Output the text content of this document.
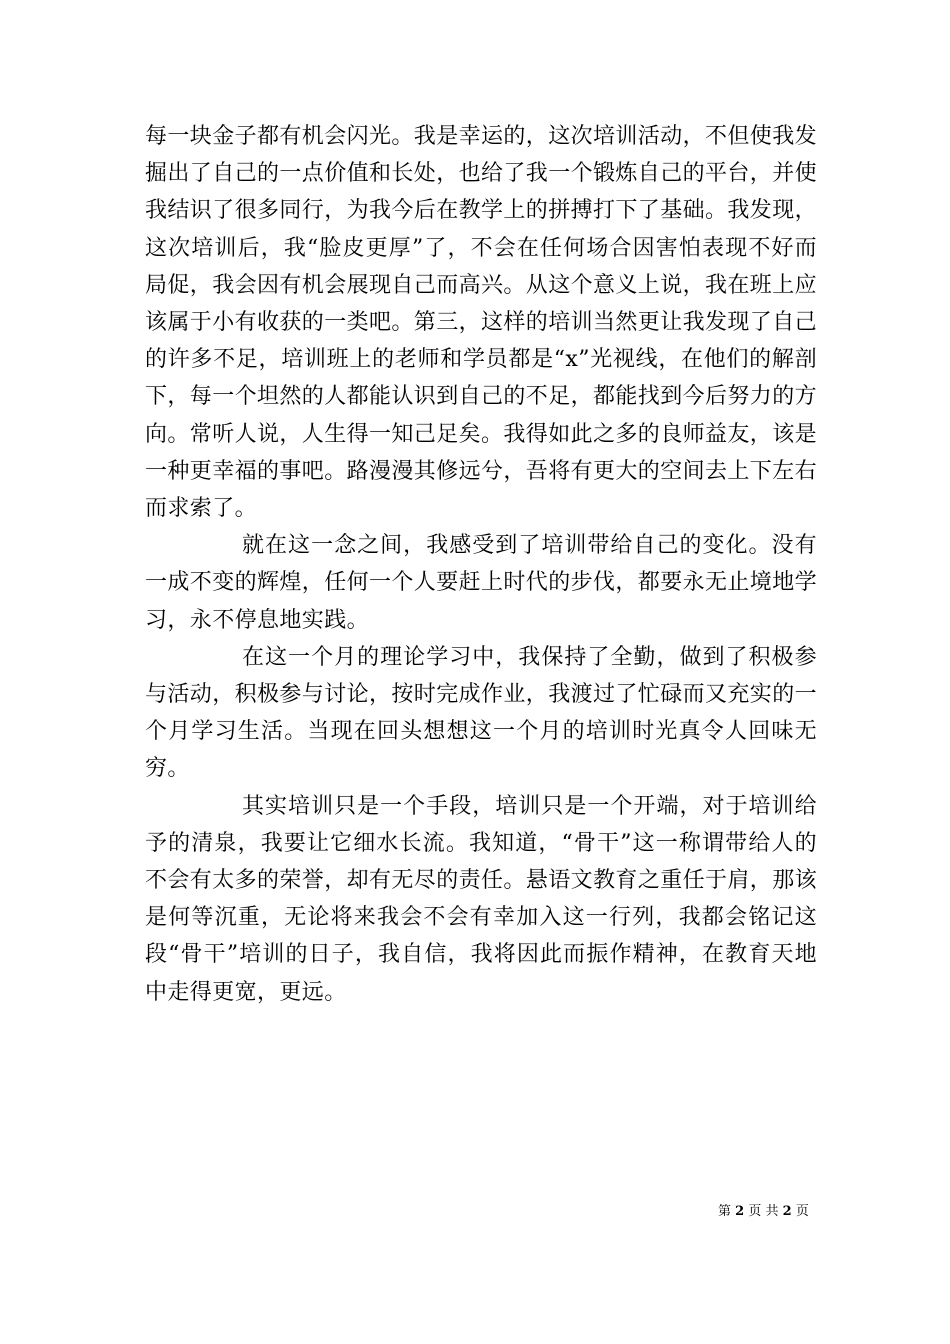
每一块金子都有机会闪光。我是幸运的，这次培训活动，不但使我发掘出了自己的一点价值和长处，也给了我一个锻炼自己的平台，并使我结识了很多同行，为我今后在教学上的拼搏打下了基础。我发现，这次培训后，我“脸皮更厚”了，不会在任何场合因害怕表现不好而局促，我会因有机会展现自己而高兴。从这个意义上说，我在班上应该属于小有收获的一类吧。第三，这样的培训当然更让我发现了自己的许多不足，培训班上的老师和学员都是“x”光视线，在他们的解剖下，每一个坦然的人都能认识到自己的不足，都能找到今后努力的方向。常听人说，人生得一知己足矣。我得如此之多的良师益友，该是一种更幸福的事吧。路漫漫其修远兮，吾将有更大的空间去上下左右而求索了。

就在这一念之间，我感受到了培训带给自己的变化。没有一成不变的辉煌，任何一个人要赶上时代的步伐，都要永无止境地学习，永不停息地实践。

在这一个月的理论学习中，我保持了全勤，做到了积极参与活动，积极参与讨论，按时完成作业，我渡过了忙碌而又充实的一个月学习生活。当现在回头想想这一个月的培训时光真令人回味无穷。

其实培训只是一个手段，培训只是一个开端，对于培训给予的清泉，我要让它细水长流。我知道，“骨干”这一称谓带给人的不会有太多的荣誉，却有无尽的责任。悬语文教育之重任于肩，那该是何等沉重，无论将来我会不会有幸加入这一行列，我都会铭记这段“骨干”培训的日子，我自信，我将因此而振作精神，在教育天地中走得更宽，更远。

第 2 页 共 2 页
